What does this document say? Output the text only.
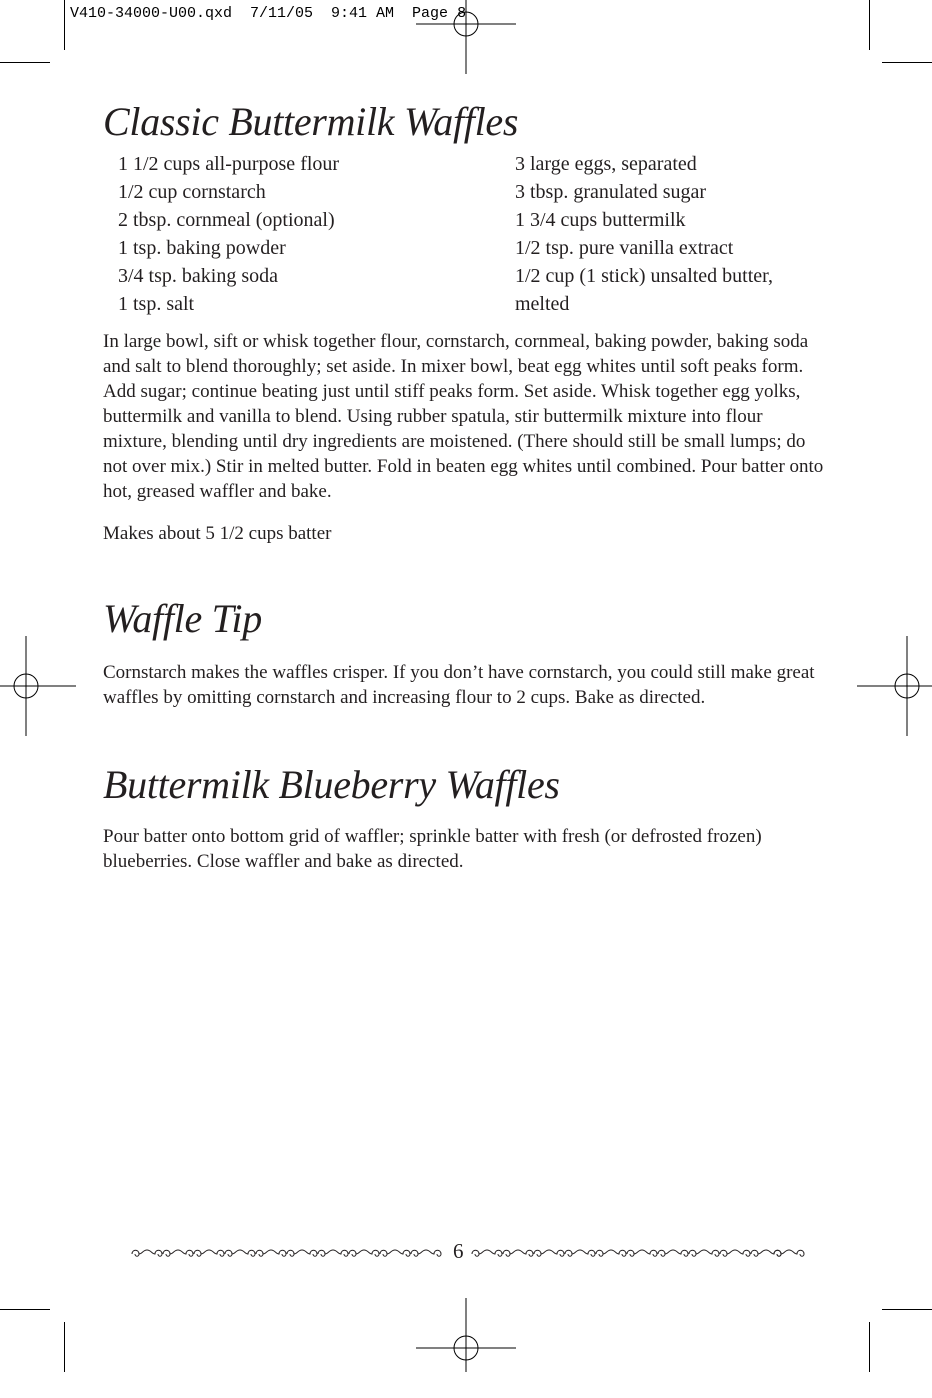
V410-34000-U00.qxd  7/11/05  9:41 AM  Page 8
Classic Buttermilk Waffles
1 1/2 cups all-purpose flour
1/2 cup cornstarch
2 tbsp. cornmeal (optional)
1 tsp. baking powder
3/4 tsp. baking soda
1 tsp. salt
3 large eggs, separated
3 tbsp. granulated sugar
1 3/4 cups buttermilk
1/2 tsp. pure vanilla extract
1/2 cup (1 stick) unsalted butter,
melted

In large bowl, sift or whisk together flour, cornstarch, cornmeal, baking powder, baking soda and salt to blend thoroughly; set aside. In mixer bowl, beat egg whites until soft peaks form. Add sugar; continue beating just until stiff peaks form. Set aside. Whisk together egg yolks, buttermilk and vanilla to blend. Using rubber spatula, stir buttermilk mixture into flour mixture, blending until dry ingredients are moistened. (There should still be small lumps; do not over mix.) Stir in melted butter. Fold in beaten egg whites until combined. Pour batter onto hot, greased waffler and bake.

Makes about 5 1/2 cups batter

Waffle Tip

Cornstarch makes the waffles crisper. If you don’t have cornstarch, you could still make great waffles by omitting cornstarch and increasing flour to 2 cups. Bake as directed.

Buttermilk Blueberry Waffles

Pour batter onto bottom grid of waffler; sprinkle batter with fresh (or defrosted frozen) blueberries. Close waffler and bake as directed.

6
